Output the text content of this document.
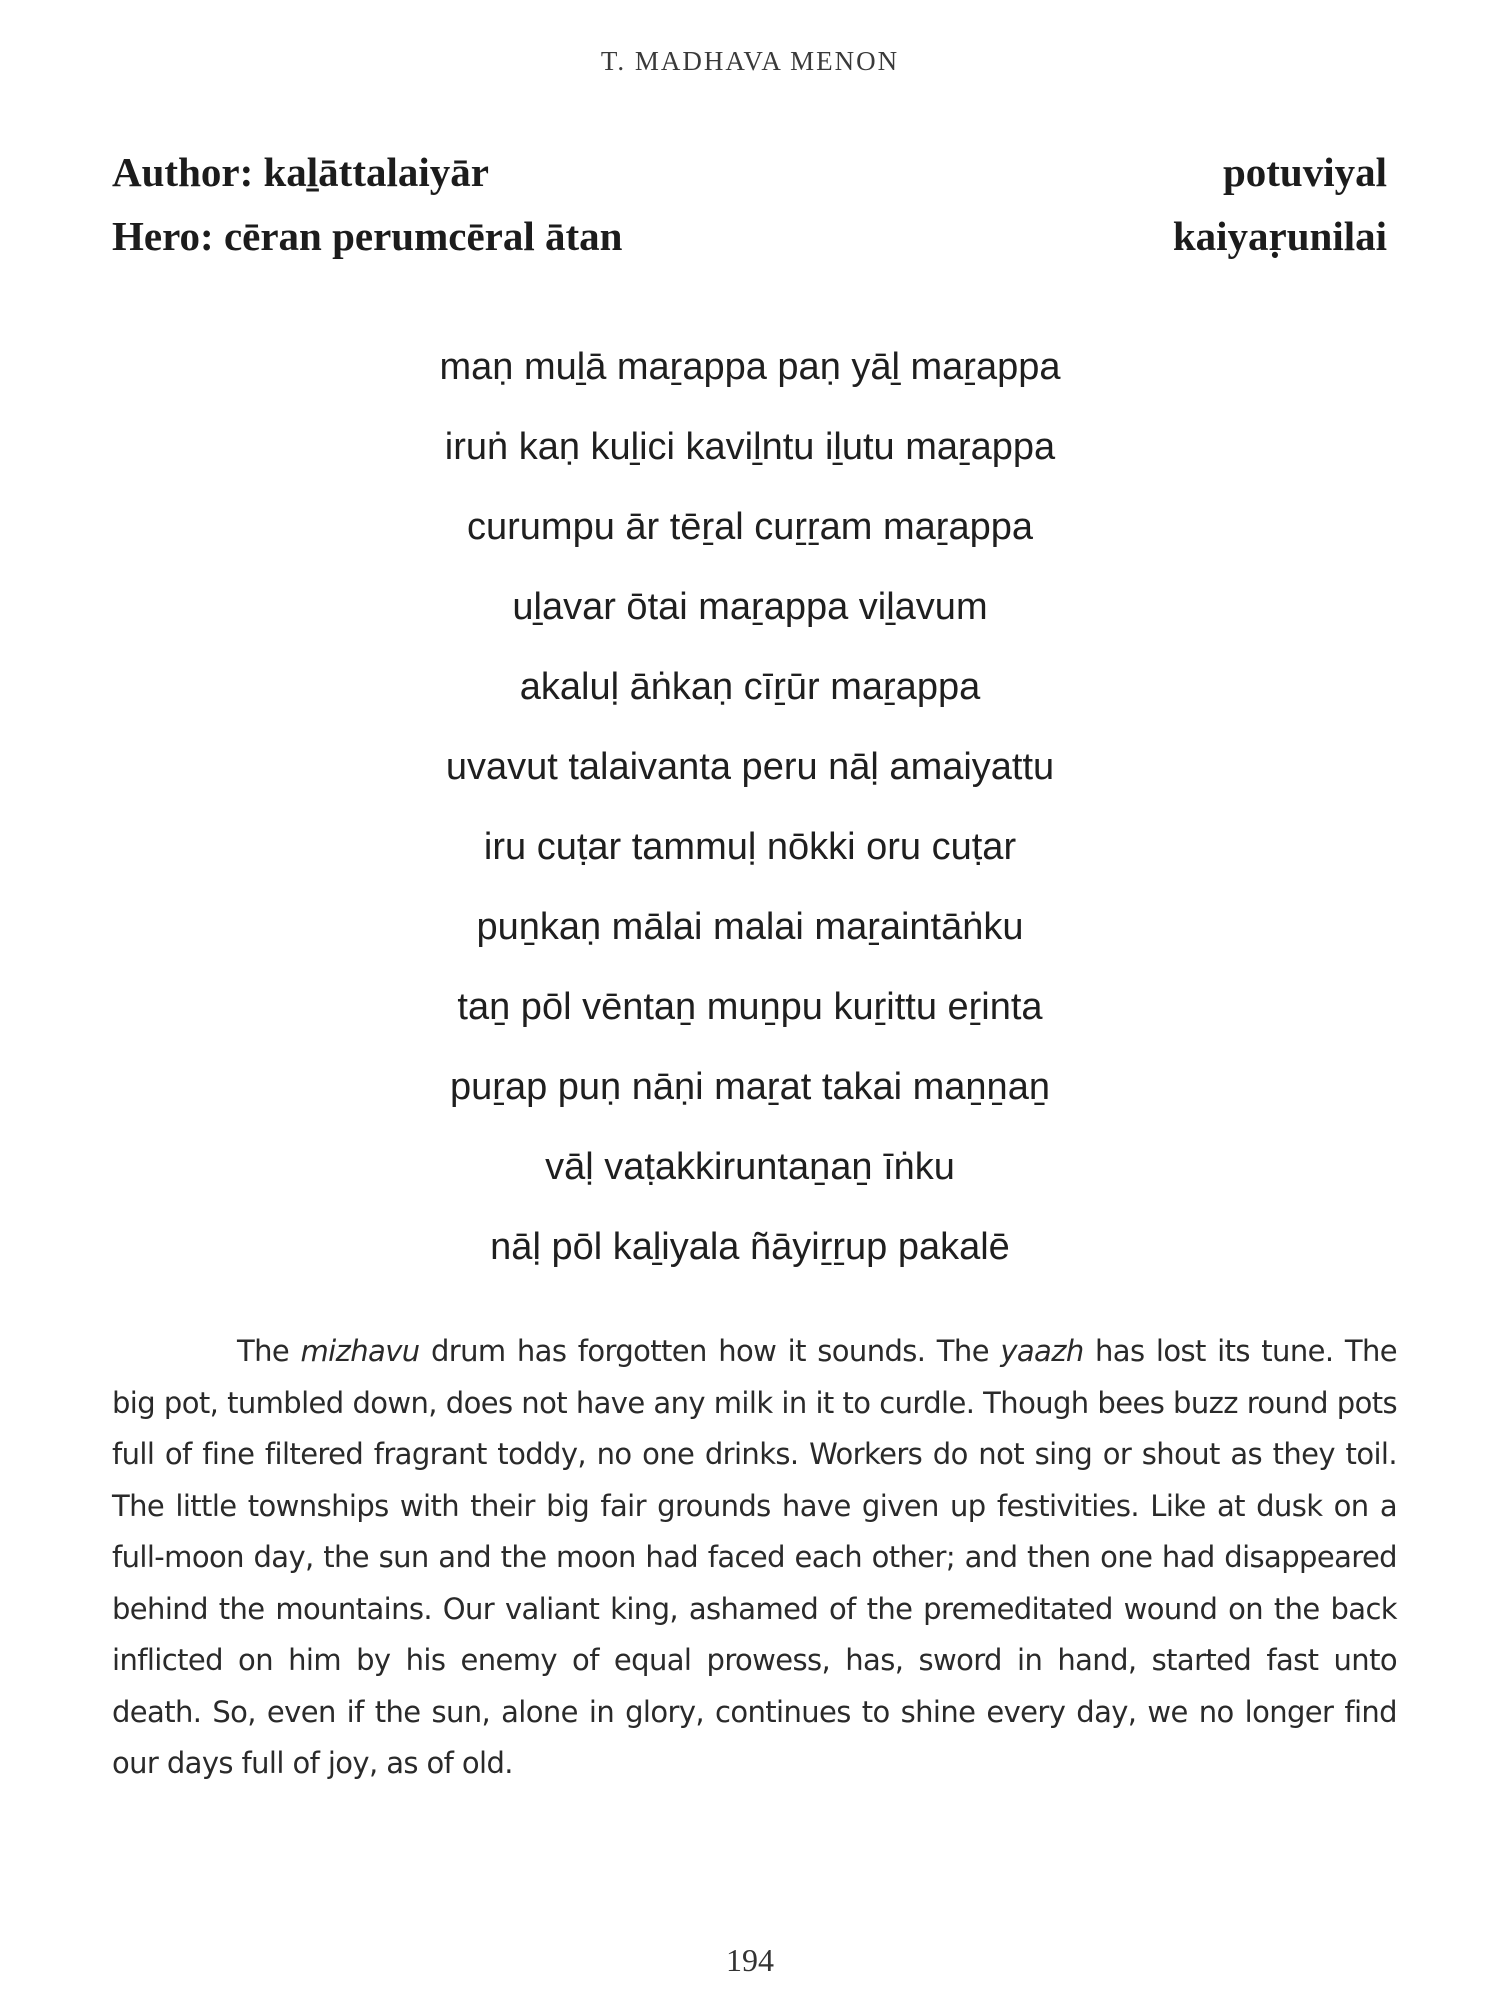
T. MADHAVA MENON
Author: kaḻāttalaiyār	potuviyal
Hero: cēran perumcēral ātan	kaiyaṛunilai
maṇ muḻā maṟappa paṇ yāḻ maṟappa
iruṅ kaṇ kuḻici kaviḻntu iḻutu maṟappa
curumpu ār tēṟal cuṟṟam maṟappa
uḻavar ōtai maṟappa viḻavum
akaluḷ āṅkaṇ cīṟūr maṟappa
uvavut talaivanta peru nāḷ amaiyattu
iru cuṭar tammuḷ nōkki oru cuṭar
puṉkaṇ mālai malai maṟaintāṅku
taṉ pōl vēntaṉ muṉpu kuṟittu eṟinta
puṟap puṇ nāṇi maṟat takai maṉṉaṉ
vāḷ vaṭakkiruntaṉaṉ īṅku
nāḷ pōl kaḻiyala ñāyiṟṟup pakalē

The mizhavu drum has forgotten how it sounds. The yaazh has lost its tune. The big pot, tumbled down, does not have any milk in it to curdle. Though bees buzz round pots full of fine filtered fragrant toddy, no one drinks. Workers do not sing or shout as they toil. The little townships with their big fair grounds have given up festivities. Like at dusk on a full-moon day, the sun and the moon had faced each other; and then one had disappeared behind the mountains. Our valiant king, ashamed of the premeditated wound on the back inflicted on him by his enemy of equal prowess, has, sword in hand, started fast unto death. So, even if the sun, alone in glory, continues to shine every day, we no longer find our days full of joy, as of old.

194
